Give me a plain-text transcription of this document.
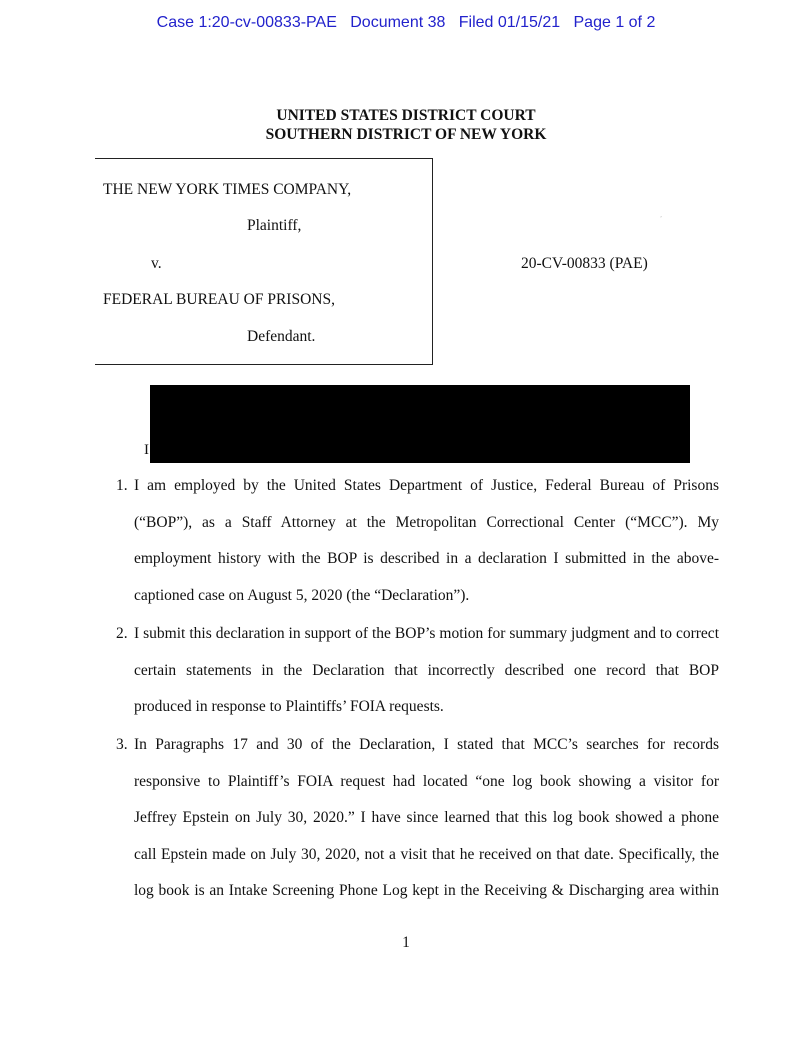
Case 1:20-cv-00833-PAE Document 38 Filed 01/15/21 Page 1 of 2
UNITED STATES DISTRICT COURT
SOUTHERN DISTRICT OF NEW YORK
THE NEW YORK TIMES COMPANY,
Plaintiff,
v.
FEDERAL BUREAU OF PRISONS,
Defendant.
20-CV-00833 (PAE)
’
I
1. I am employed by the United States Department of Justice, Federal Bureau of Prisons
(“BOP”), as a Staff Attorney at the Metropolitan Correctional Center (“MCC”). My
employment history with the BOP is described in a declaration I submitted in the above-
captioned case on August 5, 2020 (the “Declaration”).
2. I submit this declaration in support of the BOP’s motion for summary judgment and to correct
certain statements in the Declaration that incorrectly described one record that BOP
produced in response to Plaintiffs’ FOIA requests.
3. In Paragraphs 17 and 30 of the Declaration, I stated that MCC’s searches for records
responsive to Plaintiff’s FOIA request had located “one log book showing a visitor for
Jeffrey Epstein on July 30, 2020.” I have since learned that this log book showed a phone
call Epstein made on July 30, 2020, not a visit that he received on that date. Specifically, the
log book is an Intake Screening Phone Log kept in the Receiving & Discharging area within
1
